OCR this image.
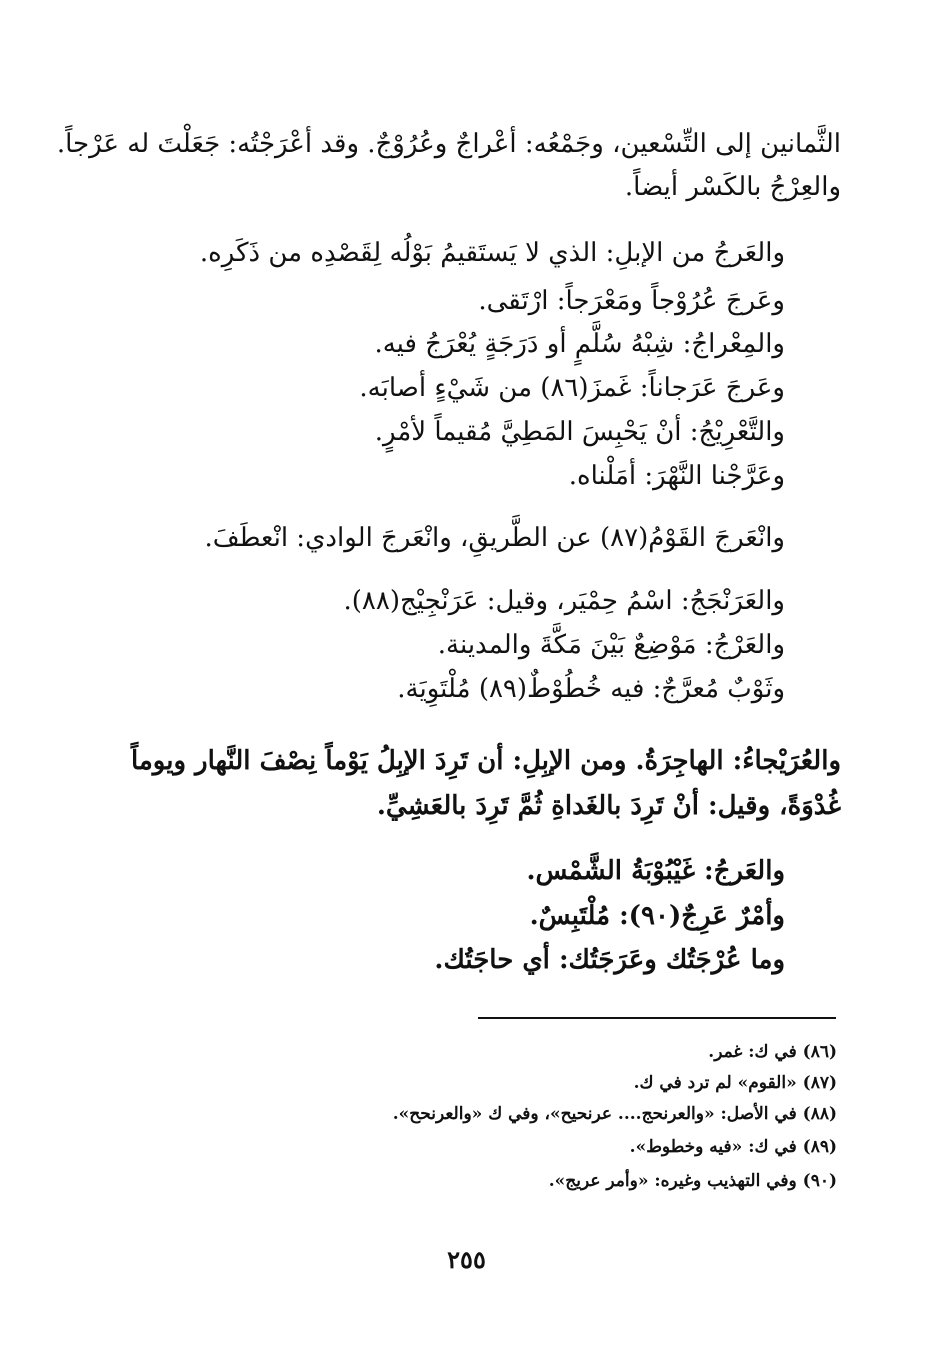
الثَّمانين إلى التِّسْعين، وجَمْعُه: أعْراجٌ وعُرُوْجٌ. وقد أعْرَجْتُه: جَعَلْتَ له عَرْجاً.
والعِرْجُ بالكَسْر أيضاً.
والعَرجُ من الإبلِ: الذي لا يَستَقيمُ بَوْلُه لِقَصْدِه من ذَكَرِه.
وعَرجَ عُرُوْجاً ومَعْرَجاً: ارْتَقى.
والمِعْراجُ: شِبْهُ سُلَّمٍ أو دَرَجَةٍ يُعْرَجُ فيه.
وعَرجَ عَرَجاناً: غَمزَ(٨٦) من شَيْءٍ أصابَه.
والتَّعْرِيْجُ: أنْ يَحْبِسَ المَطِيَّ مُقيماً لأمْرٍ.
وعَرَّجْنا النَّهْرَ: أمَلْناه.
وانْعَرجَ القَوْمُ(٨٧) عن الطَّريقِ، وانْعَرجَ الوادي: انْعطَفَ.
والعَرَنْجَجُ: اسْمُ حِمْيَر، وقيل: عَرَنْجِيْج(٨٨).
والعَرْجُ: مَوْضِعٌ بَيْنَ مَكَّةَ والمدينة.
وثَوْبٌ مُعرَّجٌ: فيه خُطُوْطٌ(٨٩) مُلْتَوِيَة.
والعُرَيْجاءُ: الهاجِرَةُ. ومن الإبِلِ: أن تَرِدَ الإبِلُ يَوْماً نِصْفَ النَّهار ويوماً
غُدْوَةً، وقيل: أنْ تَرِدَ بالغَداةِ ثُمَّ تَرِدَ بالعَشِيِّ.
والعَرجُ: غَيْبُوْبَةُ الشَّمْس.
وأمْرٌ عَرِجٌ(٩٠): مُلْتَبِسٌ.
وما عُرْجَتُك وعَرَجَتُك: أي حاجَتُك.
(٨٦) في ك: غمر.
(٨٧) «القوم» لم ترد في ك.
(٨٨) في الأصل: «والعرنحج.... عرنحيح»، وفي ك «والعرنحح».
(٨٩) في ك: «فيه وخطوط».
(٩٠) وفي التهذيب وغيره: «وأمر عريج».
٢٥٥
